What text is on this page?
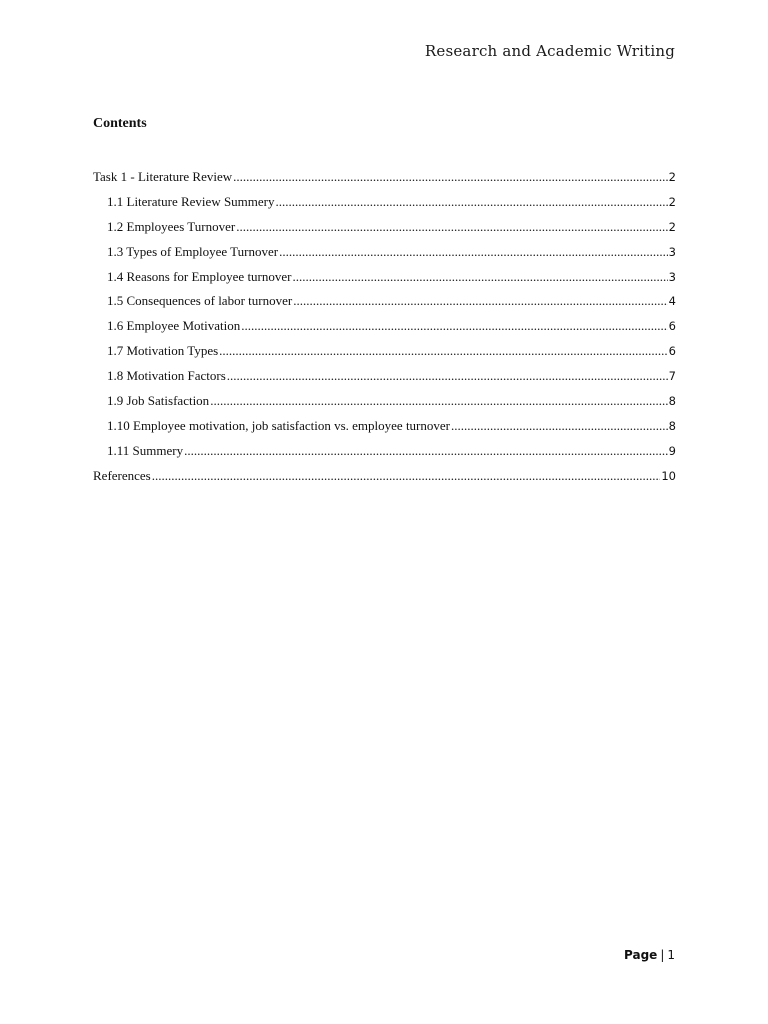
Research and Academic Writing
Contents
Task 1 - Literature Review .....	2
1.1 Literature Review Summery .....	2
1.2 Employees Turnover .....	2
1.3 Types of Employee Turnover .....	3
1.4 Reasons for Employee turnover .....	3
1.5 Consequences of labor turnover .....	4
1.6 Employee Motivation .....	6
1.7 Motivation Types .....	6
1.8 Motivation Factors .....	7
1.9 Job Satisfaction .....	8
1.10 Employee motivation, job satisfaction vs. employee turnover .....	8
1.11 Summery .....	9
References .....	10
Page | 1
